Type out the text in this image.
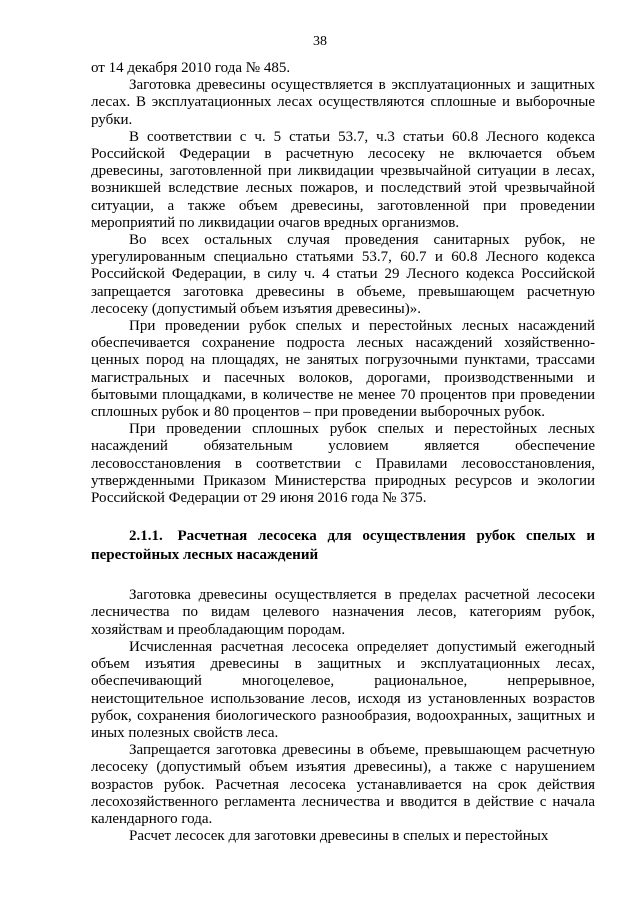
38

от 14 декабря 2010 года № 485.

Заготовка древесины осуществляется в эксплуатационных и защитных лесах. В эксплуатационных лесах осуществляются сплошные и выборочные рубки.

В соответствии с ч. 5 статьи 53.7, ч.3 статьи 60.8 Лесного кодекса Российской Федерации в расчетную лесосеку не включается объем древесины, заготовленной при ликвидации чрезвычайной ситуации в лесах, возникшей вследствие лесных пожаров, и последствий этой чрезвычайной ситуации, а также объем древесины, заготовленной при проведении мероприятий по ликвидации очагов вредных организмов.

Во всех остальных случая проведения санитарных рубок, не урегулированным специально статьями 53.7, 60.7 и 60.8 Лесного кодекса Российской Федерации, в силу ч. 4 статьи 29 Лесного кодекса Российской запрещается заготовка древесины в объеме, превышающем расчетную лесосеку (допустимый объем изъятия древесины)».

При проведении рубок спелых и перестойных лесных насаждений обеспечивается сохранение подроста лесных насаждений хозяйственно-ценных пород на площадях, не занятых погрузочными пунктами, трассами магистральных и пасечных волоков, дорогами, производственными и бытовыми площадками, в количестве не менее 70 процентов при проведении сплошных рубок и 80 процентов – при проведении выборочных рубок.

При проведении сплошных рубок спелых и перестойных лесных насаждений обязательным условием является обеспечение лесовосстановления в соответствии с Правилами лесовосстановления, утвержденными Приказом Министерства природных ресурсов и экологии Российской Федерации от 29 июня 2016 года № 375.

2.1.1. Расчетная лесосека для осуществления рубок спелых и перестойных лесных насаждений

Заготовка древесины осуществляется в пределах расчетной лесосеки лесничества по видам целевого назначения лесов, категориям рубок, хозяйствам и преобладающим породам.

Исчисленная расчетная лесосека определяет допустимый ежегодный объем изъятия древесины в защитных и эксплуатационных лесах, обеспечивающий многоцелевое, рациональное, непрерывное, неистощительное использование лесов, исходя из установленных возрастов рубок, сохранения биологического разнообразия, водоохранных, защитных и иных полезных свойств леса.

Запрещается заготовка древесины в объеме, превышающем расчетную лесосеку (допустимый объем изъятия древесины), а также с нарушением возрастов рубок. Расчетная лесосека устанавливается на срок действия лесохозяйственного регламента лесничества и вводится в действие с начала календарного года.

Расчет лесосек для заготовки древесины в спелых и перестойных
